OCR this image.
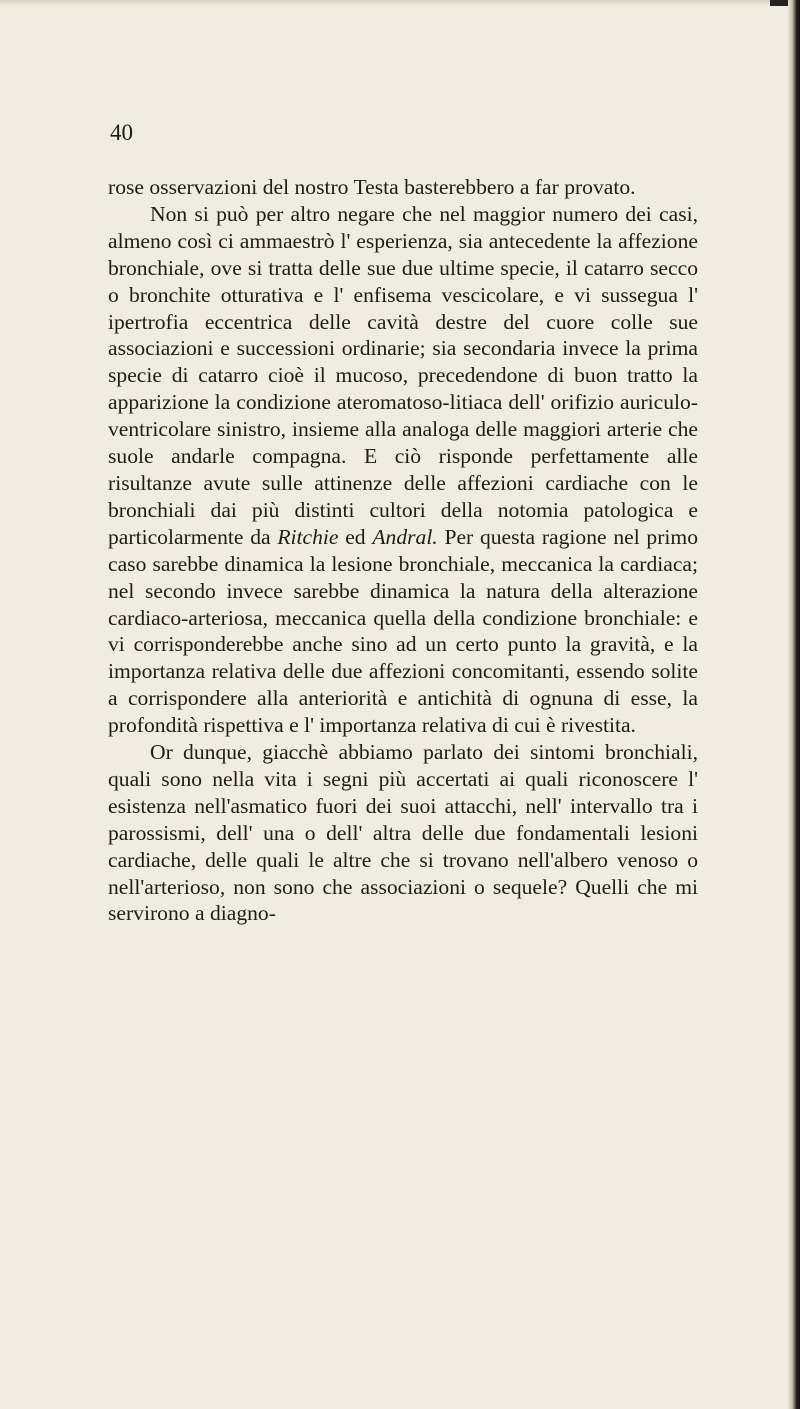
40

rose osservazioni del nostro Testa basterebbero a far provato.

Non si può per altro negare che nel maggior numero dei casi, almeno così ci ammaestrò l' esperienza, sia antecedente la affezione bronchiale, ove si tratta delle sue due ultime specie, il catarro secco o bronchite otturativa e l' enfisema vescicolare, e vi sussegua l' ipertrofia eccentrica delle cavità destre del cuore colle sue associazioni e successioni ordinarie; sia secondaria invece la prima specie di catarro cioè il mucoso, precedendone di buon tratto la apparizione la condizione ateromatoso-litiaca dell' orifizio auriculo-ventricolare sinistro, insieme alla analoga delle maggiori arterie che suole andarle compagna. E ciò risponde perfettamente alle risultanze avute sulle attinenze delle affezioni cardiache con le bronchiali dai più distinti cultori della notomia patologica e particolarmente da Ritchie ed Andral. Per questa ragione nel primo caso sarebbe dinamica la lesione bronchiale, meccanica la cardiaca; nel secondo invece sarebbe dinamica la natura della alterazione cardiaco-arteriosa, meccanica quella della condizione bronchiale: e vi corrisponderebbe anche sino ad un certo punto la gravità, e la importanza relativa delle due affezioni concomitanti, essendo solite a corrispondere alla anteriorità e antichità di ognuna di esse, la profondità rispettiva e l' importanza relativa di cui è rivestita.

Or dunque, giacchè abbiamo parlato dei sintomi bronchiali, quali sono nella vita i segni più accertati ai quali riconoscere l' esistenza nell'asmatico fuori dei suoi attacchi, nell' intervallo tra i parossismi, dell' una o dell' altra delle due fondamentali lesioni cardiache, delle quali le altre che si trovano nell'albero venoso o nell'arterioso, non sono che associazioni o sequele? Quelli che mi servirono a diagno-
